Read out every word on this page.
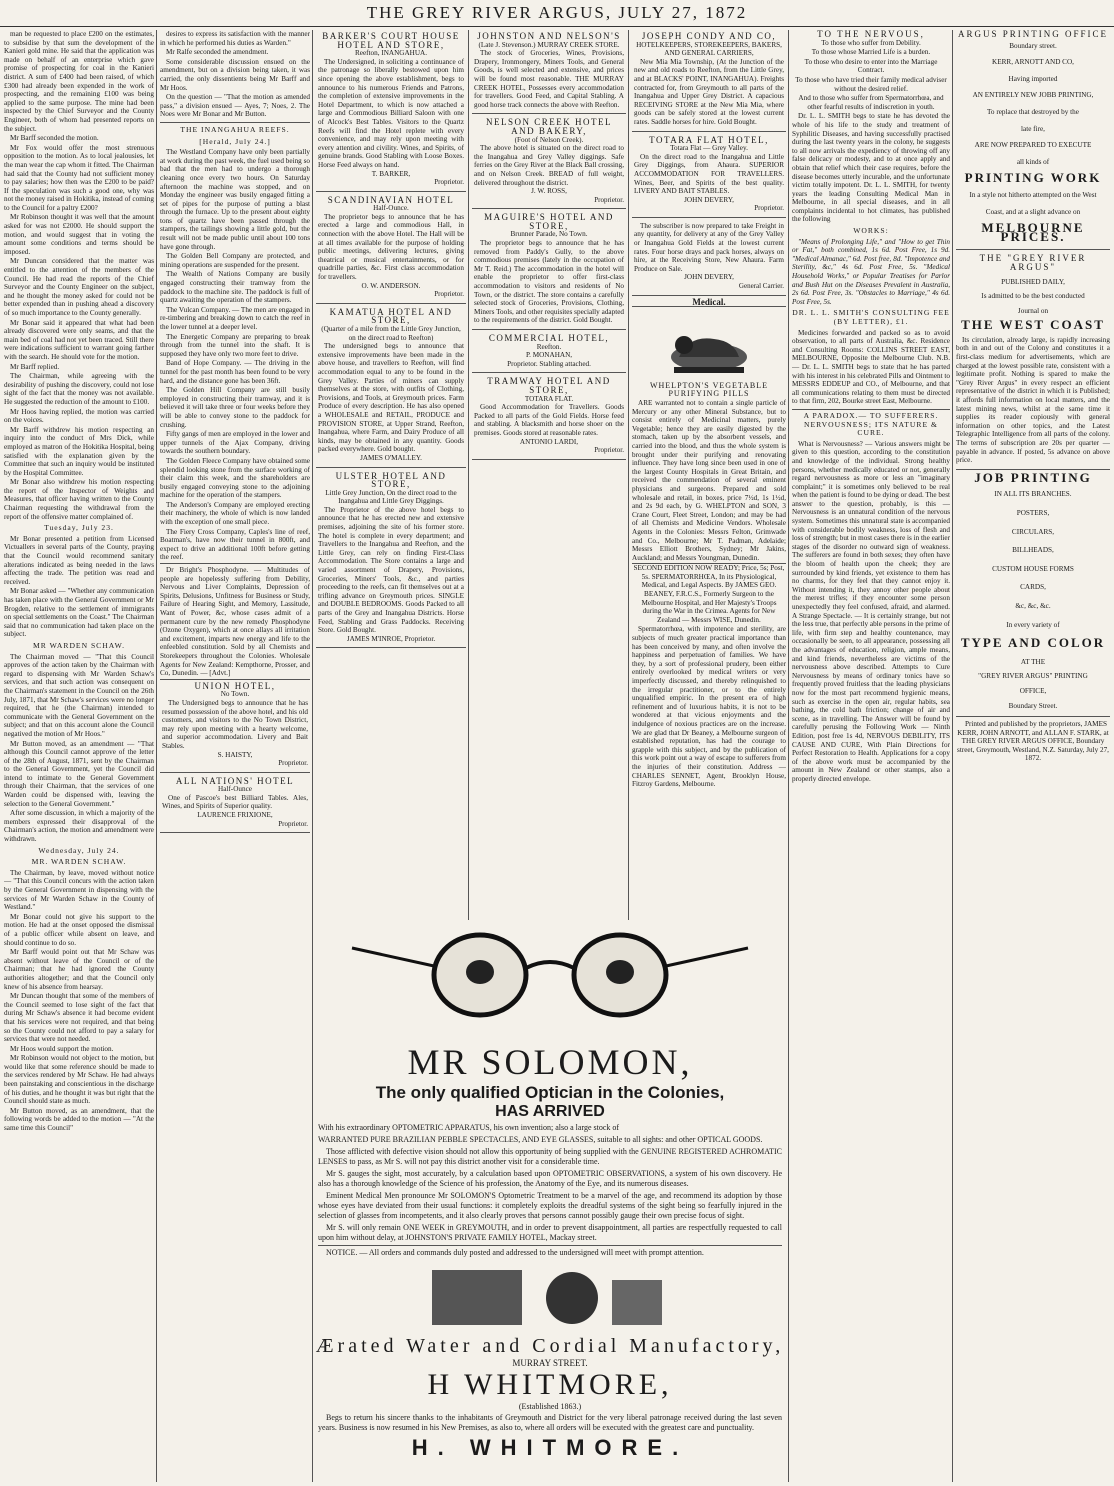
THE GREY RIVER ARGUS, JULY 27, 1872

man be requested to place £200 on the estimates, to subsidise by that sum the development of the Kanieri gold mine. He said that the application was made on behalf of an enterprise which gave promise of prospecting for coal in the Kanieri district. A sum of £400 had been raised, of which £300 had already been expended in the work of prospecting, and the remaining £100 was being applied to the same purpose. The mine had been inspected by the Chief Surveyor and the County Engineer, both of whom had presented reports on the subject.

Mr Barff seconded the motion.

Mr Fox would offer the most strenuous opposition to the motion. As to local jealousies, let the man wear the cap whom it fitted. The Chairman had said that the County had not sufficient money to pay salaries; how then was the £200 to be paid? If the speculation was such a good one, why was not the money raised in Hokitika, instead of coming to the Council for a paltry £200?

Mr Robinson thought it was well that the amount asked for was not £2000. He should support the motion, and would suggest that in voting the amount some conditions and terms should be imposed.

Mr Duncan considered that the matter was entitled to the attention of the members of the Council. He had read the reports of the Chief Surveyor and the County Engineer on the subject, and he thought the money asked for could not be better expended than in pushing ahead a discovery of so much importance to the County generally.

Mr Bonar said it appeared that what had been already discovered were only seams, and that the main bed of coal had not yet been traced. Still there were indications sufficient to warrant going farther with the search. He should vote for the motion.

Mr Barff replied.

The Chairman, while agreeing with the desirability of pushing the discovery, could not lose sight of the fact that the money was not available. He suggested the reduction of the amount to £100.

Mr Hoos having replied, the motion was carried on the voices.

Mr Barff withdrew his motion respecting an inquiry into the conduct of Mrs Dick, while employed as matron of the Hokitika Hospital, being satisfied with the explanation given by the Committee that such an inquiry would be instituted by the Hospital Committee.

Mr Bonar also withdrew his motion respecting the report of the Inspector of Weights and Measures, that officer having written to the County Chairman requesting the withdrawal from the report of the offensive matter complained of.

Tuesday, July 23.

Mr Bonar presented a petition from Licensed Victuallers in several parts of the County, praying that the Council would recommend sanitary alterations indicated as being needed in the laws affecting the trade. The petition was read and received.

Mr Bonar asked — "Whether any communication has taken place with the General Government or Mr Brogden, relative to the settlement of immigrants on special settlements on the Coast." The Chairman said that no communication had taken place on the subject.

MR WARDEN SCHAW.

The Chairman moved — "That this Council approves of the action taken by the Chairman with regard to dispensing with Mr Warden Schaw's services, and that such action was consequent on the Chairman's statement in the Council on the 26th July, 1871, that Mr Schaw's services were no longer required, that he (the Chairman) intended to communicate with the General Government on the subject; and that on this account alone the Council negatived the motion of Mr Hoos."

Mr Button moved, as an amendment — "That although this Council cannot approve of the letter of the 28th of August, 1871, sent by the Chairman to the General Government, yet the Council did intend to intimate to the General Government through their Chairman, that the services of one Warden could be dispensed with, leaving the selection to the General Government."

After some discussion, in which a majority of the members expressed their disapproval of the Chairman's action, the motion and amendment were withdrawn.

Wednesday, July 24.
MR. WARDEN SCHAW.

The Chairman, by leave, moved without notice — "That this Council concurs with the action taken by the General Government in dispensing with the services of Mr Warden Schaw in the County of Westland."

Mr Bonar could not give his support to the motion. He had at the onset opposed the dismissal of a public officer while absent on leave, and should continue to do so.

Mr Barff would point out that Mr Schaw was absent without leave of the Council or of the Chairman; that he had ignored the County authorities altogether; and that the Council only knew of his absence from hearsay.

Mr Duncan thought that some of the members of the Council seemed to lose sight of the fact that during Mr Schaw's absence it had become evident that his services were not required, and that being so the County could not afford to pay a salary for services that were not needed.

Mr Hoos would support the motion.

Mr Robinson would not object to the motion, but would like that some reference should be made to the services rendered by Mr Schaw. He had always been painstaking and conscientious in the discharge of his duties, and he thought it was but right that the Council should state as much.

Mr Button moved, as an amendment, that the following words be added to the motion — "At the same time this Council"

desires to express its satisfaction with the manner in which he performed his duties as Warden."

Mr Ralfe seconded the amendment.

Some considerable discussion ensued on the amendment, but on a division being taken, it was carried, the only dissentients being Mr Barff and Mr Hoos.

On the question — "That the motion as amended pass," a division ensued — Ayes, 7; Noes, 2. The Noes were Mr Bonar and Mr Button.

THE INANGAHUA REEFS.
[Herald, July 24.]

The Westland Company have only been partially at work during the past week, the fuel used being so bad that the men had to undergo a thorough cleaning once every two hours. On Saturday afternoon the machine was stopped, and on Monday the engineer was busily engaged fitting a set of pipes for the purpose of putting a blast through the furnace. Up to the present about eighty tons of quartz have been passed through the stampers, the tailings showing a little gold, but the result will not be made public until about 100 tons have gone through.

The Golden Bell Company are protected, and mining operations are suspended for the present.

The Wealth of Nations Company are busily engaged constructing their tramway from the paddock to the machine site. The paddock is full of quartz awaiting the operation of the stampers.

The Vulcan Company. — The men are engaged in re-timbering and breaking down to catch the reef in the lower tunnel at a deeper level.

The Energetic Company are preparing to break through from the tunnel into the shaft. It is supposed they have only two more feet to drive.

Band of Hope Company. — The driving in the tunnel for the past month has been found to be very hard, and the distance gone has been 36ft.

The Golden Hill Company are still busily employed in constructing their tramway, and it is believed it will take three or four weeks before they will be able to convey stone to the paddock for crushing.

Fifty gangs of men are employed in the lower and upper tunnels of the Ajax Company, driving towards the southern boundary.

The Golden Fleece Company have obtained some splendid looking stone from the surface working of their claim this week, and the shareholders are busily engaged conveying stone to the adjoining machine for the operation of the stampers.

The Anderson's Company are employed erecting their machinery, the whole of which is now landed with the exception of one small piece.

The Fiery Cross Company, Caples's line of reef, Boatman's, have now their tunnel in 800ft, and expect to drive an additional 100ft before getting the reef.

Dr Bright's Phosphodyne. — Multitudes of people are hopelessly suffering from Debility, Nervous and Liver Complaints, Depression of Spirits, Delusions, Unfitness for Business or Study, Failure of Hearing Sight, and Memory, Lassitude, Want of Power, &c, whose cases admit of a permanent cure by the new remedy Phosphodyne (Ozone Oxygen), which at once allays all irritation and excitement, imparts new energy and life to the enfeebled constitution. Sold by all Chemists and Storekeepers throughout the Colonies. Wholesale Agents for New Zealand: Kempthorne, Prosser, and Co, Dunedin. — [Advt.]

UNION HOTEL,
No Town.
The Undersigned begs to announce that he has resumed possession of the above hotel, and his old customers, and visitors to the No Town District, may rely upon meeting with a hearty welcome, and superior accommodation. Livery and Bait Stables.
S. HAISTY,
Proprietor.
ALL NATIONS' HOTEL
Half-Ounce
One of Pascoe's best Billiard Tables. Ales, Wines, and Spirits of Superior quality.
LAURENCE FRIXIONE,
Proprietor.
BARKER'S COURT HOUSE HOTEL AND STORE,
Reefton, INANGAHUA.
The Undersigned, in soliciting a continuance of the patronage so liberally bestowed upon him since opening the above establishment, begs to announce to his numerous Friends and Patrons, the completion of extensive improvements in the Hotel Department, to which is now attached a large and Commodious Billiard Saloon with one of Alcock's Best Tables. Visitors to the Quartz Reefs will find the Hotel replete with every convenience, and may rely upon meeting with every attention and civility. Wines, and Spirits, of genuine brands. Good Stabling with Loose Boxes. Horse Feed always on hand.
T. BARKER,
Proprietor.
SCANDINAVIAN HOTEL
Half-Ounce.
The proprietor begs to announce that he has erected a large and commodious Hall, in connection with the above Hotel. The Hall will be at all times available for the purpose of holding public meetings, delivering lectures, giving theatrical or musical entertainments, or for quadrille parties, &c. First class accommodation for travellers.
O. W. ANDERSON.
Proprietor.
KAMATUA HOTEL AND STORE,
(Quarter of a mile from the Little Grey Junction, on the direct road to Reefton)
The undersigned begs to announce that extensive improvements have been made in the above house, and travellers to Reefton, will find accommodation equal to any to be found in the Grey Valley. Parties of miners can supply themselves at the store, with outfits of Clothing, Provisions, and Tools, at Greymouth prices. Farm Produce of every description. He has also opened a WHOLESALE and RETAIL, PRODUCE and PROVISION STORE, at Upper Strand, Reefton, Inangahua, where Farm, and Dairy Produce of all kinds, may be obtained in any quantity. Goods packed everywhere. Gold bought.
JAMES O'MALLEY.
ULSTER HOTEL AND STORE,
Little Grey Junction, On the direct road to the Inangahua and Little Grey Diggings.
The Proprietor of the above hotel begs to announce that he has erected new and extensive premises, adjoining the site of his former store. The hotel is complete in every department; and Travellers to the Inangahua and Reefton, and the Little Grey, can rely on finding First-Class Accommodation. The Store contains a large and varied assortment of Drapery, Provisions, Groceries, Miners' Tools, &c., and parties proceeding to the reefs, can fit themselves out at a trifling advance on Greymouth prices. SINGLE and DOUBLE BEDROOMS. Goods Packed to all parts of the Grey and Inangahua Districts. Horse Feed, Stabling and Grass Paddocks. Receiving Store. Gold Bought.
JAMES M'INROE, Proprietor.
JOHNSTON AND NELSON'S
(Late J. Stevenson.) MURRAY CREEK STORE.
The stock of Groceries, Wines, Provisions, Drapery, Ironmongery, Miners Tools, and General Goods, is well selected and extensive, and prices will be found most reasonable. THE MURRAY CREEK HOTEL, Possesses every accommodation for travellers. Good Feed, and Capital Stabling. A good horse track connects the above with Reefton.
NELSON CREEK HOTEL AND BAKERY,
(Foot of Nelson Creek).
The above hotel is situated on the direct road to the Inangahua and Grey Valley diggings. Safe ferries on the Grey River at the Black Ball crossing, and on Nelson Creek. BREAD of full weight, delivered throughout the district.
J. W. ROSS,
Proprietor.
MAGUIRE'S HOTEL AND STORE,
Brunner Parade, No Town.
The proprietor begs to announce that he has removed from Paddy's Gully, to the above commodious premises (lately in the occupation of Mr T. Reid.) The accommodation in the hotel will enable the proprietor to offer first-class accommodation to visitors and residents of No Town, or the district. The store contains a carefully selected stock of Groceries, Provisions, Clothing, Miners Tools, and other requisites specially adapted to the requirements of the district. Gold Bought.
COMMERCIAL HOTEL,
Reefton.
P. MONAHAN,
Proprietor. Stabling attached.
TRAMWAY HOTEL AND STORE,
TOTARA FLAT.
Good Accommodation for Travellers. Goods Packed to all parts of the Gold Fields. Horse feed and stabling. A blacksmith and horse shoer on the premises. Goods stored at reasonable rates.
ANTONIO LARDI,
Proprietor.
JOSEPH CONDY AND CO,
HOTELKEEPERS, STOREKEEPERS, BAKERS, AND GENERAL CARRIERS,
New Mia Mia Township, (At the Junction of the new and old roads to Reefton, from the Little Grey, and at BLACKS' POINT, INANGAHUA). Freights contracted for, from Greymouth to all parts of the Inangahua and Upper Grey District. A capacious RECEIVING STORE at the New Mia Mia, where goods can be safely stored at the lowest current rates. Saddle horses for hire. Gold Bought.
TOTARA FLAT HOTEL,
Totara Flat — Grey Valley.
On the direct road to the Inangahua and Little Grey Diggings, from Ahaura. SUPERIOR ACCOMMODATION FOR TRAVELLERS. Wines, Beer, and Spirits of the best quality. LIVERY AND BAIT STABLES.
JOHN DEVERY,
Proprietor.
The subscriber is now prepared to take Freight in any quantity, for delivery at any of the Grey Valley or Inangahua Gold Fields at the lowest current rates. Four horse drays and pack horses, always on hire, at the Receiving Store, New Ahaura. Farm Produce on Sale.
JOHN DEVERY,
General Carrier.
Medical.
WHELPTON'S VEGETABLE PURIFYING PILLS

ARE warranted not to contain a single particle of Mercury or any other Mineral Substance, but to consist entirely of Medicinal matters, purely Vegetable; hence they are easily digested by the stomach, taken up by the absorbent vessels, and carried into the blood, and thus the whole system is brought under their purifying and renovating influence. They have long since been used in one of the largest County Hospitals in Great Britain, and received the commendation of several eminent physicians and surgeons. Prepared and sold wholesale and retail, in boxes, price 7½d, 1s 1½d, and 2s 9d each, by G. WHELPTON and SON, 3 Crane Court, Fleet Street, London; and may be had of all Chemists and Medicine Vendors. Wholesale Agents in the Colonies: Messrs Felton, Grimwade and Co., Melbourne; Mr T. Padman, Adelaide; Messrs Elliott Brothers, Sydney; Mr Jakins, Auckland; and Messrs Youngman, Dunedin.

SECOND EDITION NOW READY; Price, 5s; Post, 5s. SPERMATORRHŒA, In its Physiological, Medical, and Legal Aspects. By JAMES GEO. BEANEY, F.R.C.S., Formerly Surgeon to the Melbourne Hospital, and Her Majesty's Troops during the War in the Crimea. Agents for New Zealand — Messrs WISE, Dunedin.

Spermatorrhœa, with impotence and sterility, are subjects of much greater practical importance than has been conceived by many, and often involve the happiness and perpetuation of families. We have they, by a sort of professional prudery, been either entirely overlooked by medical writers or very imperfectly discussed, and thereby relinquished to the irregular practitioner, or to the entirely unqualified empiric. In the present era of high refinement and of luxurious habits, it is not to be wondered at that vicious enjoyments and the indulgence of noxious practices are on the increase. We are glad that Dr Beaney, a Melbourne surgeon of established reputation, has had the courage to grapple with this subject, and by the publication of this work point out a way of escape to sufferers from the injuries of their constitution. Address — CHARLES SENNET, Agent, Brooklyn House, Fitzroy Gardens, Melbourne.

TO THE NERVOUS,

To those who suffer from Debility.

To those whose Married Life is a burden.

To those who desire to enter into the Marriage Contract.

To those who have tried their family medical adviser without the desired relief.

And to those who suffer from Spermatorrhœa, and other fearful results of indiscretion in youth.

Dr. L. L. SMITH begs to state he has devoted the whole of his life to the study and treatment of Syphilitic Diseases, and having successfully practised during the last twenty years in the colony, he suggests to all now arrivals the expediency of throwing off any false delicacy or modesty, and to at once apply and obtain that relief which their case requires, before the disease becomes utterly incurable, and the unfortunate victim totally impotent. Dr. L. L. SMITH, for twenty years the leading Consulting Medical Man in Melbourne, in all special diseases, and in all complaints incidental to hot climates, has published the following

WORKS:

"Means of Prolonging Life," and "How to get Thin or Fat," both combined, 1s 6d. Post Free, 1s 9d. "Medical Almanac," 6d. Post free, 8d. "Impotence and Sterility, &c," 4s 6d. Post Free, 5s. "Medical Household Works," or Popular Treatises for Parlor and Bush Hut on the Diseases Prevalent in Australia, 2s 6d. Post Free, 3s. "Obstacles to Marriage," 4s 6d. Post Free, 5s.

DR. L. L. SMITH'S CONSULTING FEE (BY LETTER), £1.

Medicines forwarded and packed so as to avoid observation, to all parts of Australia, &c. Residence and Consulting Rooms: COLLINS STREET EAST, MELBOURNE, Opposite the Melbourne Club. N.B. — Dr. L. L. SMITH begs to state that he has parted with his interest in his celebrated Pills and Ointment to MESSRS EDDEUP and CO., of Melbourne, and that all communications relating to them must be directed to that firm, 202, Bourke street East, Melbourne.

A PARADOX.— TO SUFFERERS. NERVOUSNESS; ITS NATURE & CURE.

What is Nervousness? — Various answers might be given to this question, according to the constitution and knowledge of the individual. Strong healthy persons, whether medically educated or not, generally regard nervousness as more or less an "imaginary complaint;" it is sometimes only believed to be real when the patient is found to be dying or dead. The best answer to the question, probably, is this — Nervousness is an unnatural condition of the nervous system. Sometimes this unnatural state is accompanied with considerable bodily weakness, loss of flesh and loss of strength; but in most cases there is in the earlier stages of the disorder no outward sign of weakness. The sufferers are found in both sexes; they often have the bloom of health upon the cheek; they are surrounded by kind friends, yet existence to them has no charms, for they feel that they cannot enjoy it. Without intending it, they annoy other people about the merest trifles; if they encounter some person unexpectedly they feel confused, afraid, and alarmed. A Strange Spectacle. — It is certainly strange, but not the less true, that perfectly able persons in the prime of life, with firm step and healthy countenance, may occasionally be seen, to all appearance, possessing all the advantages of education, religion, ample means, and kind friends, nevertheless are victims of the nervousness above described. Attempts to Cure Nervousness by means of ordinary tonics have so frequently proved fruitless that the leading physicians now for the most part recommend hygienic means, such as exercise in the open air, regular habits, sea bathing, the cold bath friction; change of air and scene, as in travelling. The Answer will be found by carefully perusing the Following Work — Ninth Edition, post free 1s 4d, NERVOUS DEBILITY, ITS CAUSE AND CURE, With Plain Directions for Perfect Restoration to Health. Applications for a copy of the above work must be accompanied by the amount in New Zealand or other stamps, also a properly directed envelope.

ARGUS PRINTING OFFICE
Boundary street.
KERR, ARNOTT AND CO,
Having imported
AN ENTIRELY NEW JOBB PRINTING,
To replace that destroyed by the
late fire,
ARE NOW PREPARED TO EXECUTE
all kinds of
PRINTING WORK
In a style not hitherto attempted on the West
Coast, and at a slight advance on
MELBOURNE PRICES.
THE "GREY RIVER ARGUS"
PUBLISHED DAILY,
Is admitted to be the best conducted
Journal on
THE WEST COAST

Its circulation, already large, is rapidly increasing both in and out of the Colony and constitutes it a first-class medium for advertisements, which are charged at the lowest possible rate, consistent with a legitimate profit. Nothing is spared to make the "Grey River Argus" in every respect an efficient representative of the district in which it is Published; it affords full information on local matters, and the latest mining news, whilst at the same time it supplies its reader copiously with general information on other topics, and the Latest Telegraphic Intelligence from all parts of the colony. The terms of subscription are 20s per quarter — payable in advance. If posted, 5s advance on above price.

JOB PRINTING
IN ALL ITS BRANCHES.
POSTERS,
CIRCULARS,
BILLHEADS,
CUSTOM HOUSE FORMS
CARDS,
&c, &c, &c.
In every variety of
TYPE AND COLOR
AT THE
"GREY RIVER ARGUS" PRINTING
OFFICE,
Boundary Street.

Printed and published by the proprietors, JAMES KERR, JOHN ARNOTT, and ALLAN F. STARK, at THE GREY RIVER ARGUS OFFICE, Boundary street, Greymouth, Westland, N.Z. Saturday, July 27, 1872.

MR SOLOMON,
The only qualified Optician in the Colonies,
HAS ARRIVED

With his extraordinary OPTOMETRIC APPARATUS, his own invention; also a large stock of

WARRANTED PURE BRAZILIAN PEBBLE SPECTACLES, AND EYE GLASSES, suitable to all sights: and other OPTICAL GOODS.

Those afflicted with defective vision should not allow this opportunity of being supplied with the GENUINE REGISTERED ACHROMATIC LENSES to pass, as Mr S. will not pay this district another visit for a considerable time.

Mr S. gauges the sight, most accurately, by a calculation based upon OPTOMETRIC OBSERVATIONS, a system of his own discovery. He also has a thorough knowledge of the Science of his profession, the Anatomy of the Eye, and its numerous diseases.

Eminent Medical Men pronounce Mr SOLOMON'S Optometric Treatment to be a marvel of the age, and recommend its adoption by those whose eyes have deviated from their usual functions: it completely exploits the dreadful systems of the sight being so fearfully injured in the selection of glasses from incompetents, and it also clearly proves that persons cannot possibly gauge their own precise focus of sight.

Mr S. will only remain ONE WEEK in GREYMOUTH, and in order to prevent disappointment, all parties are respectfully requested to call upon him without delay, at JOHNSTON'S PRIVATE FAMILY HOTEL, Mackay street.

NOTICE. — All orders and commands duly posted and addressed to the undersigned will meet with prompt attention.

Ærated Water and Cordial Manufactory,
MURRAY STREET.
H WHITMORE,
(Established 1863.)

Begs to return his sincere thanks to the inhabitants of Greymouth and District for the very liberal patronage received during the last seven years. Business is now resumed in his New Premises, as also to, where all orders will be executed with the greatest care and punctuality.

H. WHITMORE.
